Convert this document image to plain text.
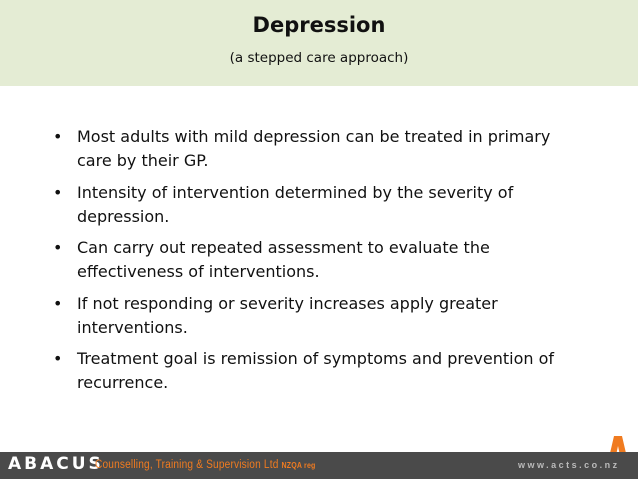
Depression
(a stepped care approach)
• Most adults with mild depression can be treated in primary care by their GP.
• Intensity of intervention determined by the severity of depression.
• Can carry out repeated assessment to evaluate the effectiveness of interventions.
• If not responding or severity increases apply greater interventions.
• Treatment goal is remission of symptoms and prevention of recurrence.
ABACUS
Counselling, Training & Supervision Ltd NZQA reg	www.acts.co.nz
